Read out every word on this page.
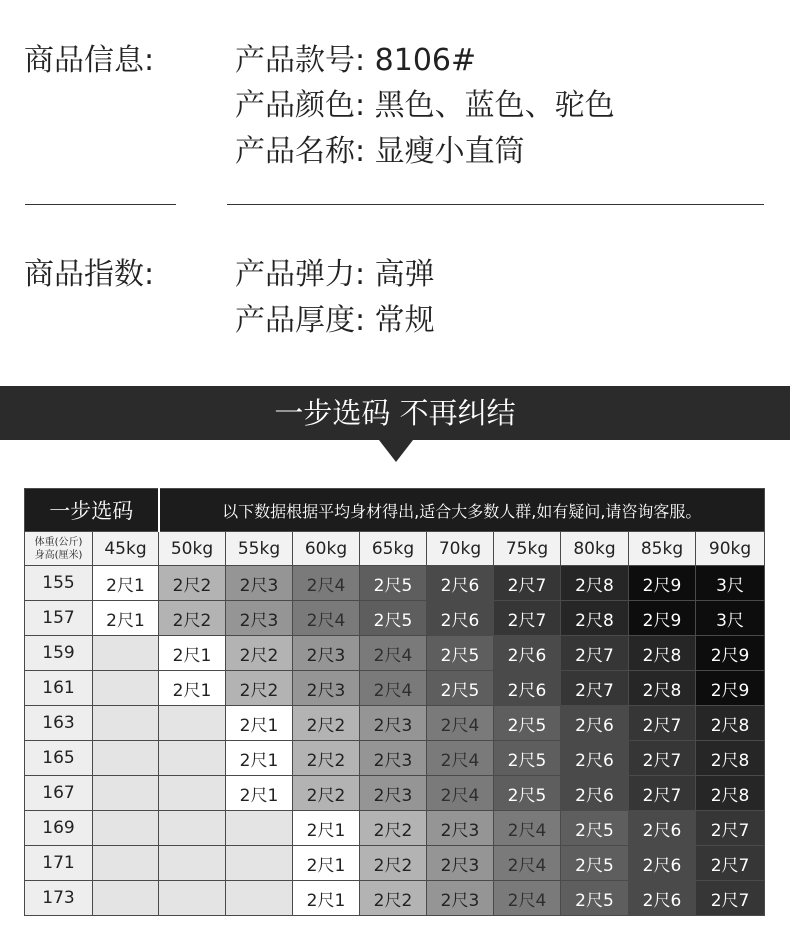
商品信息:	产品款号: 8106#
产品颜色: 黑色、蓝色、驼色
产品名称: 显瘦小直筒
商品指数:	产品弹力: 高弹
产品厚度: 常规
一步选码 不再纠结
一步选码		以下数据根据平均身材得出,适合大多数人群,如有疑问,请咨询客服。								

体重(公斤)
身高(厘米)	45kg	50kg	55kg	60kg	65kg	70kg	75kg	80kg	85kg	90kg
155	2尺1	2尺2	2尺3	2尺4	2尺5	2尺6	2尺7	2尺8	2尺9	3尺
157	2尺1	2尺2	2尺3	2尺4	2尺5	2尺6	2尺7	2尺8	2尺9	3尺
159		2尺1	2尺2	2尺3	2尺4	2尺5	2尺6	2尺7	2尺8	2尺9
161		2尺1	2尺2	2尺3	2尺4	2尺5	2尺6	2尺7	2尺8	2尺9
163			2尺1	2尺2	2尺3	2尺4	2尺5	2尺6	2尺7	2尺8
165			2尺1	2尺2	2尺3	2尺4	2尺5	2尺6	2尺7	2尺8
167			2尺1	2尺2	2尺3	2尺4	2尺5	2尺6	2尺7	2尺8
169				2尺1	2尺2	2尺3	2尺4	2尺5	2尺6	2尺7
171				2尺1	2尺2	2尺3	2尺4	2尺5	2尺6	2尺7
173				2尺1	2尺2	2尺3	2尺4	2尺5	2尺6	2尺7
